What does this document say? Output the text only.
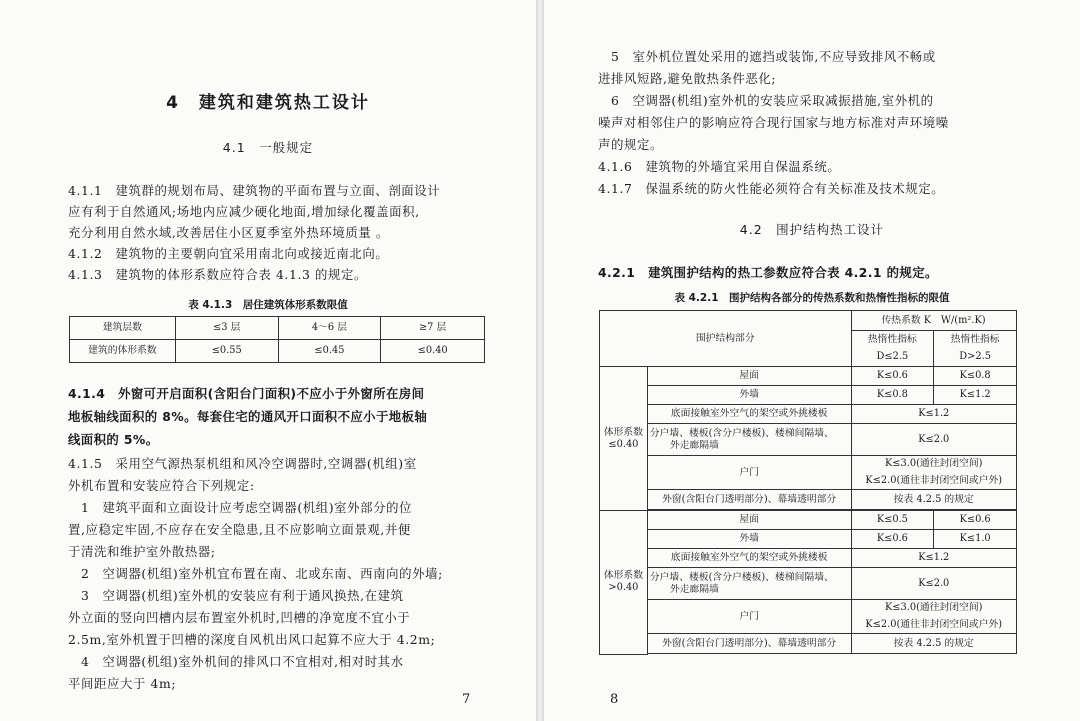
4　建筑和建筑热工设计
4.1　一般规定
4.1.1　建筑群的规划布局、建筑物的平面布置与立面、剖面设计
应有利于自然通风;场地内应减少硬化地面,增加绿化覆盖面积,
充分利用自然水域,改善居住小区夏季室外热环境质量 。
4.1.2　建筑物的主要朝向宜采用南北向或接近南北向。
4.1.3　建筑物的体形系数应符合表 4.1.3 的规定。
表 4.1.3　居住建筑体形系数限值
建筑层数	≤3 层	4～6 层	≥7 层
建筑的体形系数	≤0.55	≤0.45	≤0.40
4.1.4　外窗可开启面积(含阳台门面积)不应小于外窗所在房间
地板轴线面积的 8%。每套住宅的通风开口面积不应小于地板轴
线面积的 5%。
4.1.5　采用空气源热泵机组和风冷空调器时,空调器(机组)室
外机布置和安装应符合下列规定:
　1　建筑平面和立面设计应考虑空调器(机组)室外部分的位
置,应稳定牢固,不应存在安全隐患,且不应影响立面景观,并便
于清洗和维护室外散热器;
　2　空调器(机组)室外机宜布置在南、北或东南、西南向的外墙;
　3　空调器(机组)室外机的安装应有利于通风换热,在建筑
外立面的竖向凹槽内层布置室外机时,凹槽的净宽度不宜小于
2.5m,室外机置于凹槽的深度自风机出风口起算不应大于 4.2m;
　4　空调器(机组)室外机间的排风口不宜相对,相对时其水
平间距应大于 4m;
7
　5　室外机位置处采用的遮挡或装饰,不应导致排风不畅或
进排风短路,避免散热条件恶化;
　6　空调器(机组)室外机的安装应采取减振措施,室外机的
噪声对相邻住户的影响应符合现行国家与地方标准对声环境噪
声的规定。
4.1.6　建筑物的外墙宜采用自保温系统。
4.1.7　保温系统的防火性能必须符合有关标准及技术规定。
4.2　围护结构热工设计
4.2.1　建筑围护结构的热工参数应符合表 4.2.1 的规定。
表 4.2.1　围护结构各部分的传热系数和热惰性指标的限值
围护结构部分		传热系数 K　W/(m².K)	
		热惰性指标	热惰性指标
		D≤2.5	D>2.5

体形系数
≤0.40	屋面	K≤0.6	K≤0.8
	外墙	K≤0.8	K≤1.2
	底面接触室外空气的架空或外挑楼板	K≤1.2	

	分户墙、楼板(含分户楼板)、楼梯间隔墙、
外走廊隔墙	K≤2.0	
	户门	K≤3.0(通往封闭空间)	
		K≤2.0(通往非封闭空间或户外)	
	外窗(含阳台门透明部分)、幕墙透明部分	按表 4.2.5 的规定	

体形系数
>0.40	屋面	K≤0.5	K≤0.6
	外墙	K≤0.6	K≤1.0
	底面接触室外空气的架空或外挑楼板	K≤1.2	

	分户墙、楼板(含分户楼板)、楼梯间隔墙、
外走廊隔墙	K≤2.0	
	户门	K≤3.0(通往封闭空间)	
		K≤2.0(通往非封闭空间或户外)	
	外窗(含阳台门透明部分)、幕墙透明部分	按表 4.2.5 的规定	

8
